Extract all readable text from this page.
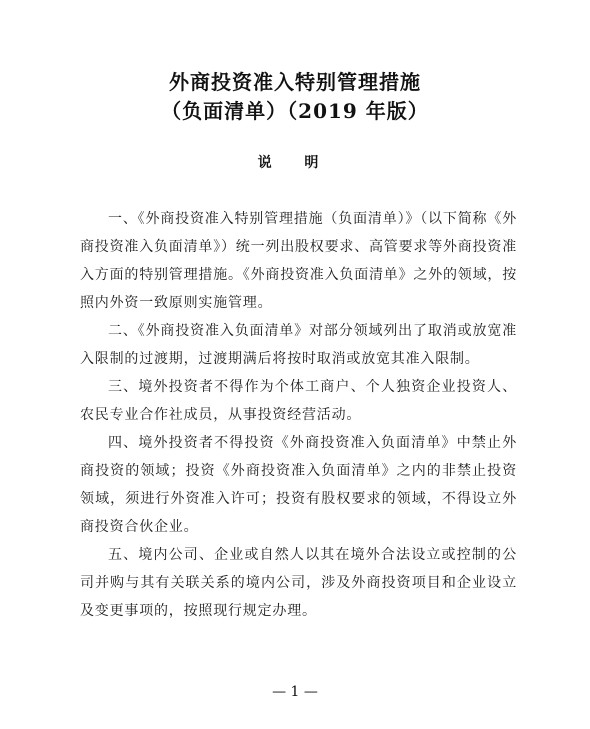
外商投资准入特别管理措施
（负面清单）（2019 年版）
说 明

一、《外商投资准入特别管理措施（负面清单）》（以下简称《外商投资准入负面清单》）统一列出股权要求、高管要求等外商投资准入方面的特别管理措施。《外商投资准入负面清单》之外的领域，按照内外资一致原则实施管理。

二、《外商投资准入负面清单》对部分领域列出了取消或放宽准入限制的过渡期，过渡期满后将按时取消或放宽其准入限制。

三、境外投资者不得作为个体工商户、个人独资企业投资人、农民专业合作社成员，从事投资经营活动。

四、境外投资者不得投资《外商投资准入负面清单》中禁止外商投资的领域；投资《外商投资准入负面清单》之内的非禁止投资领域，须进行外资准入许可；投资有股权要求的领域，不得设立外商投资合伙企业。

五、境内公司、企业或自然人以其在境外合法设立或控制的公司并购与其有关联关系的境内公司，涉及外商投资项目和企业设立及变更事项的，按照现行规定办理。

— 1 —
